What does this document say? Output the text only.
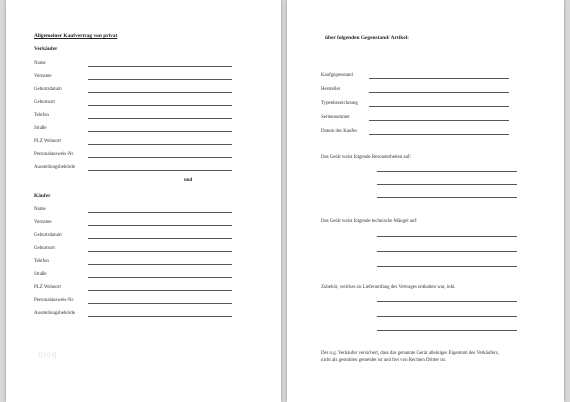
Allgemeiner Kaufvertrag von privat
Verkäufer
Name
Vorname
Geburtsdatum
Geburtsort
Telefon
Straße
PLZ Wohnort
Personalausweis-Nr.
Ausstellungsbehörde
und
Käufer
Name
Vorname
Geburtsdatum
Geburtsort
Telefon
Straße
PLZ Wohnort
Personalausweis-Nr.
Ausstellungsbehörde
blog
über folgenden Gegenstand/ Artikel:
Kaufgegenstand
Hersteller
Typenbezeichnung
Seriennummer
Datum des Kaufes
Das Gerät weist folgende Besonderheiten auf:
Das Gerät weist folgende technische Mängel auf:
Zubehör, welches zu Lieferumfang des Vertrages enthalten war, inkl.
Der o.g. Verkäufer versichert, dass das genannte Gerät alleiniges Eigentum des Verkäufers,
nicht als gestohlen gemeldet ist und frei von Rechten Dritter ist.
